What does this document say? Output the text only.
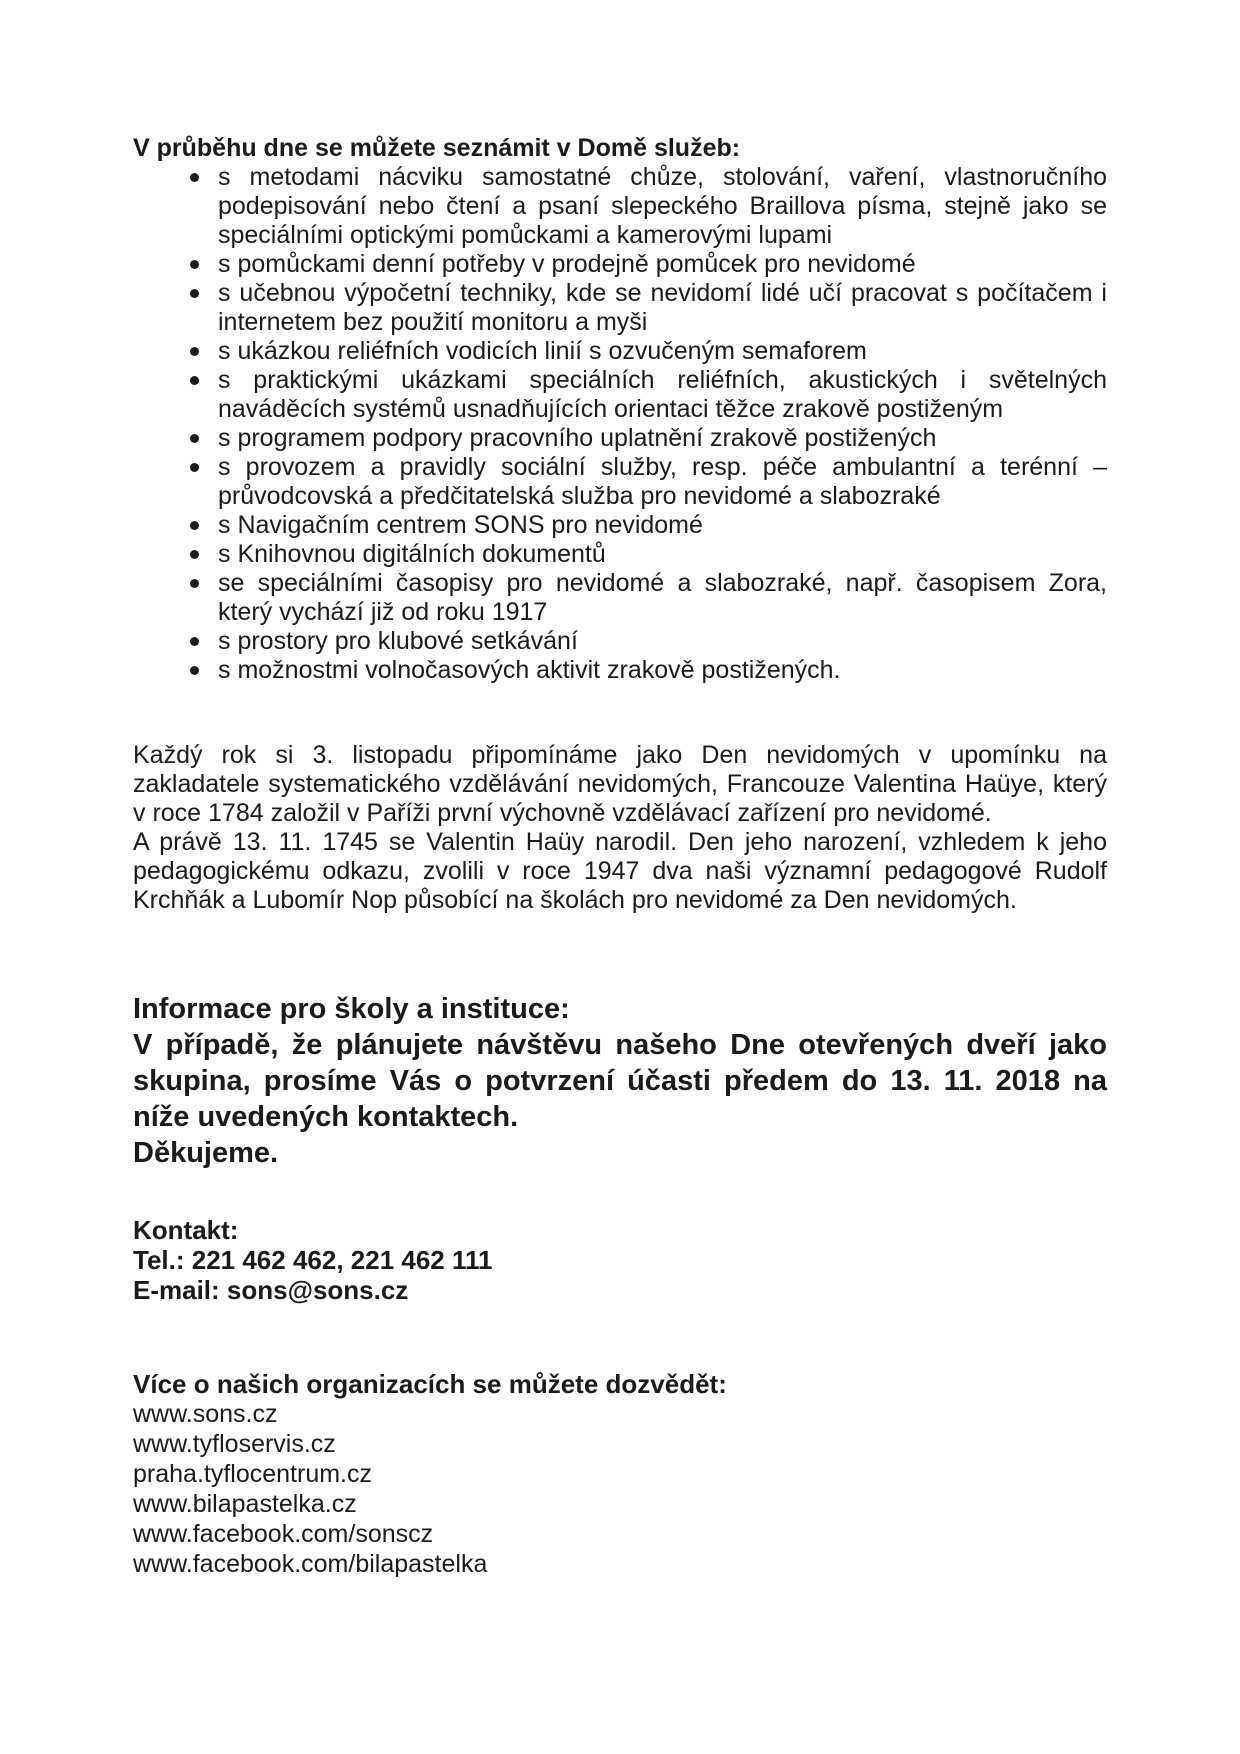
V průběhu dne se můžete seznámit v Domě služeb:
s metodami nácviku samostatné chůze, stolování, vaření, vlastnoručního podepisování nebo čtení a psaní slepeckého Braillova písma, stejně jako se speciálními optickými pomůckami a kamerovými lupami
s pomůckami denní potřeby v prodejně pomůcek pro nevidomé
s učebnou výpočetní techniky, kde se nevidomí lidé učí pracovat s počítačem i internetem bez použití monitoru a myši
s ukázkou reliéfních vodicích linií s ozvučeným semaforem
s praktickými ukázkami speciálních reliéfních, akustických i světelných naváděcích systémů usnadňujících orientaci těžce zrakově postiženým
s programem podpory pracovního uplatnění zrakově postižených
s provozem a pravidly sociální služby, resp. péče ambulantní a terénní – průvodcovská a předčitatelská služba pro nevidomé a slabozraké
s Navigačním centrem SONS pro nevidomé
s Knihovnou digitálních dokumentů
se speciálními časopisy pro nevidomé a slabozraké, např. časopisem Zora, který vychází již od roku 1917
s prostory pro klubové setkávání
s možnostmi volnočasových aktivit zrakově postižených.

Každý rok si 3. listopadu připomínáme jako Den nevidomých v upomínku na zakladatele systematického vzdělávání nevidomých, Francouze Valentina Haüye, který v roce 1784 založil v Paříži první výchovně vzdělávací zařízení pro nevidomé.

A právě 13. 11. 1745 se Valentin Haüy narodil. Den jeho narození, vzhledem k jeho pedagogickému odkazu, zvolili v roce 1947 dva naši významní pedagogové Rudolf Krchňák a Lubomír Nop působící na školách pro nevidomé za Den nevidomých.

Informace pro školy a instituce:

V případě, že plánujete návštěvu našeho Dne otevřených dveří jako skupina, prosíme Vás o potvrzení účasti předem do 13. 11. 2018 na níže uvedených kontaktech.

Děkujeme.

Kontakt:

Tel.: 221 462 462, 221 462 111

E-mail: sons@sons.cz

Více o našich organizacích se můžete dozvědět:

www.sons.cz

www.tyfloservis.cz

praha.tyflocentrum.cz

www.bilapastelka.cz

www.facebook.com/sonscz

www.facebook.com/bilapastelka
